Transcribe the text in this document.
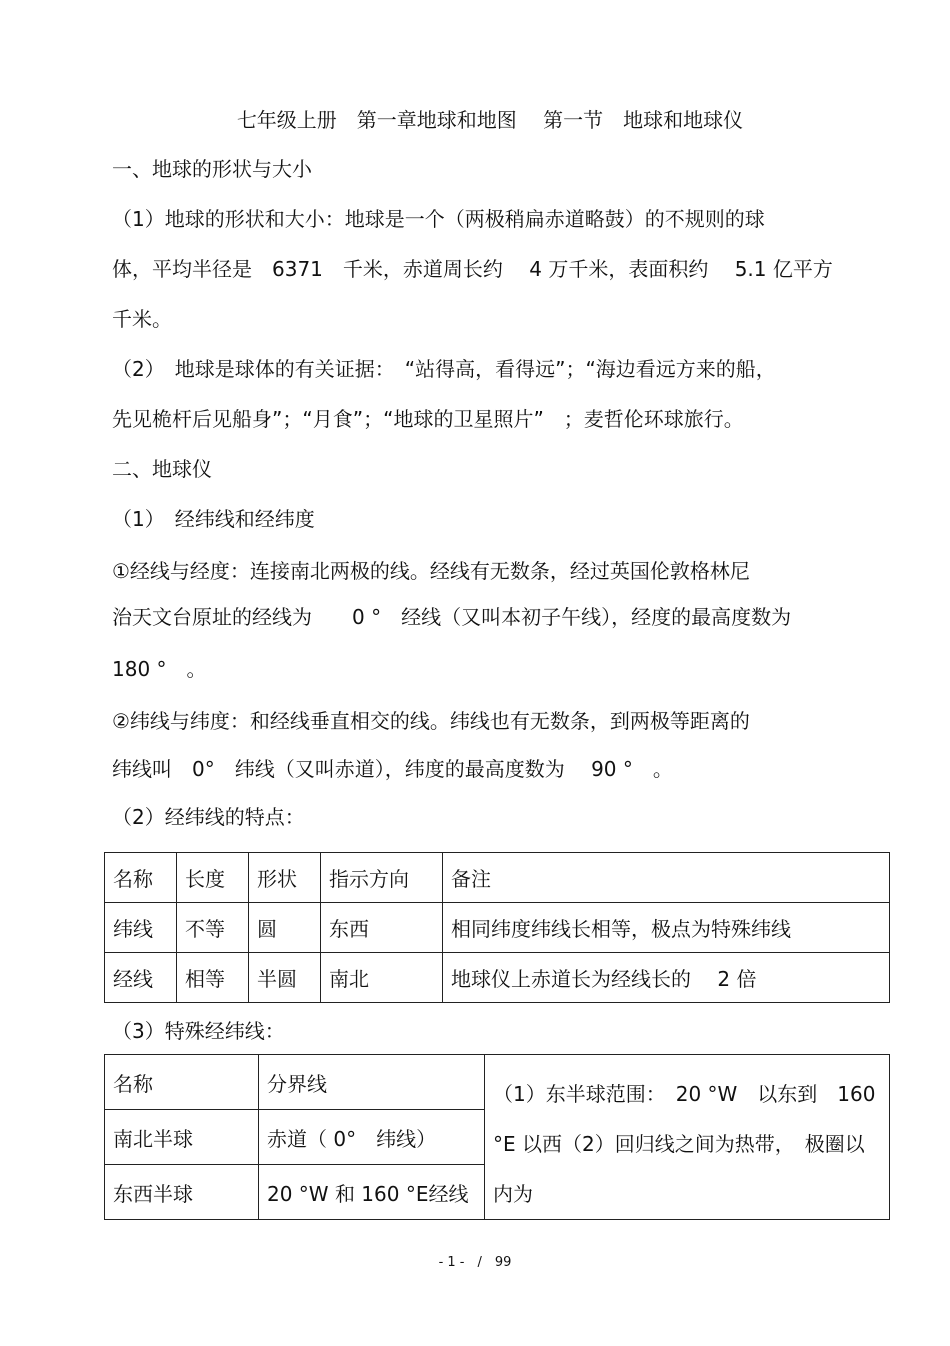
七年级上册　第一章地球和地图　 第一节　地球和地球仪
一、地球的形状与大小
（1）地球的形状和大小：地球是一个（两极稍扁赤道略鼓）的不规则的球
体，平均半径是　6371　千米，赤道周长约　 4 万千米，表面积约　 5.1 亿平方
千米。
（2）　地球是球体的有关证据：　“站得高，看得远”；“海边看远方来的船，
先见桅杆后见船身”；“月食”；“地球的卫星照片”　；麦哲伦环球旅行。
二、地球仪
（1）　经纬线和经纬度
①经线与经度：连接南北两极的线。经线有无数条，经过英国伦敦格林尼
治天文台原址的经线为　　0 °　经线（又叫本初子午线），经度的最高度数为
180 °　。
②纬线与纬度：和经线垂直相交的线。纬线也有无数条，到两极等距离的
纬线叫　0°　纬线（又叫赤道），纬度的最高度数为　 90 °　。
（2）经纬线的特点：
名称	长度	形状	指示方向	备注
纬线	不等	圆	东西	相同纬度纬线长相等，极点为特殊纬线
经线	相等	半圆	南北	地球仪上赤道长为经线长的　 2 倍
（3）特殊经纬线：
名称	分界线	（1）东半球范围：　20 °W　以东到　160 °E 以西（2）回归线之间为热带，　极圈以内为
南北半球	赤道（ 0°　纬线）	
东西半球	20 °W 和 160 °E经线	
- 1 -　/　99
